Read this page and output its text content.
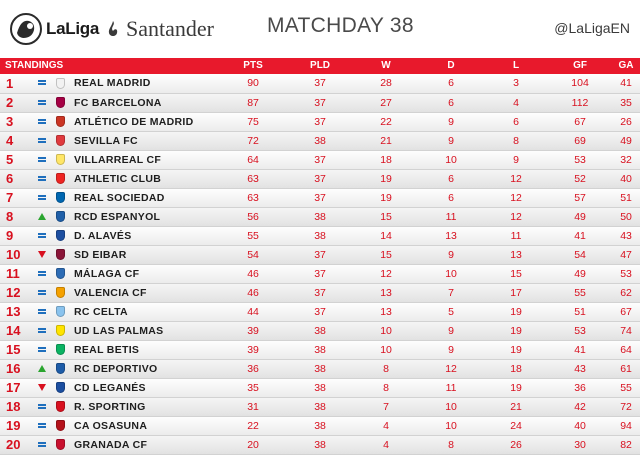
LaLiga Santander	MATCHDAY 38	@LaLigaEN
STANDINGS				PTS	PLD	W	D	L	GF	GA
1			REAL MADRID	90	37	28	6	3	104	41
2			FC BARCELONA	87	37	27	6	4	112	35
3			ATLÉTICO DE MADRID	75	37	22	9	6	67	26
4			SEVILLA FC	72	38	21	9	8	69	49
5			VILLARREAL CF	64	37	18	10	9	53	32
6			ATHLETIC CLUB	63	37	19	6	12	52	40
7			REAL SOCIEDAD	63	37	19	6	12	57	51
8			RCD ESPANYOL	56	38	15	11	12	49	50
9			D. ALAVÉS	55	38	14	13	11	41	43
10			SD EIBAR	54	37	15	9	13	54	47
11			MÁLAGA CF	46	37	12	10	15	49	53
12			VALENCIA CF	46	37	13	7	17	55	62
13			RC CELTA	44	37	13	5	19	51	67
14			UD LAS PALMAS	39	38	10	9	19	53	74
15			REAL BETIS	39	38	10	9	19	41	64
16			RC DEPORTIVO	36	38	8	12	18	43	61
17			CD LEGANÉS	35	38	8	11	19	36	55
18			R. SPORTING	31	38	7	10	21	42	72
19			CA OSASUNA	22	38	4	10	24	40	94
20			GRANADA CF	20	38	4	8	26	30	82
